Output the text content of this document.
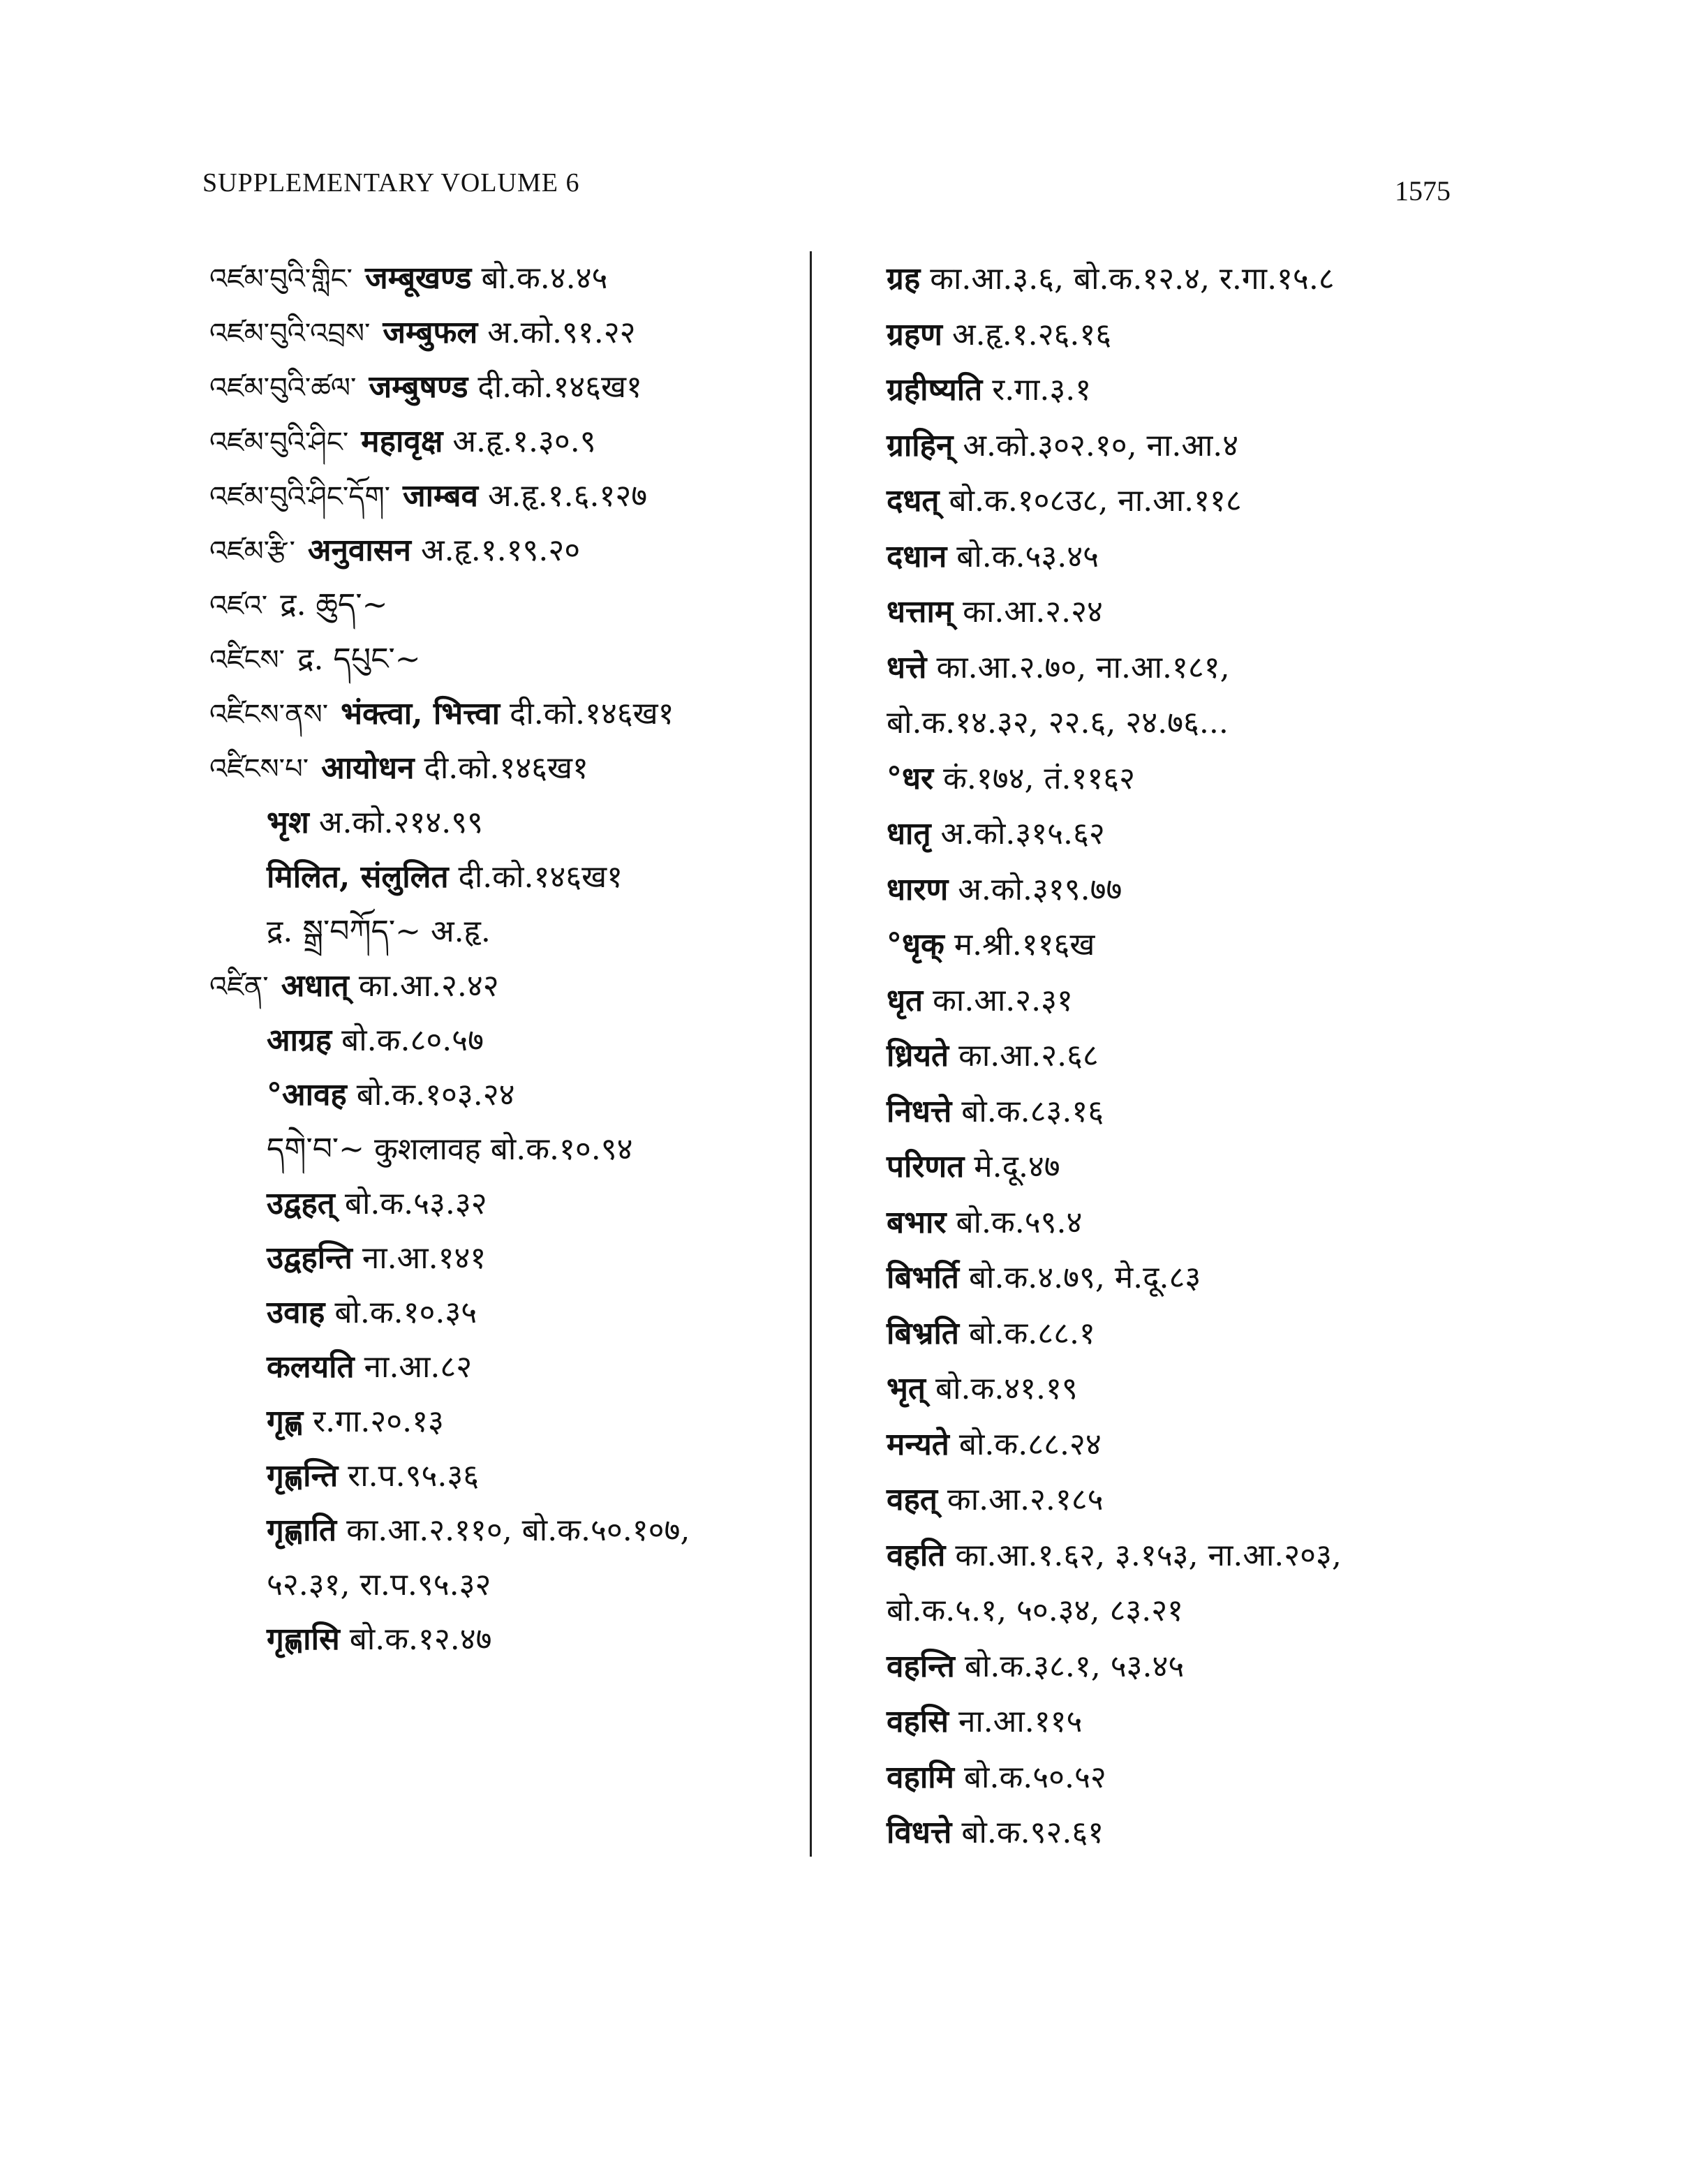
SUPPLEMENTARY VOLUME 6	1575
འཛམ་བུའི་གླིང་ जम्बूखण्ड बो.क.४.४५
འཛམ་བུའི་འབྲས་ जम्बुफल अ.को.९१.२२
འཛམ་བུའི་ཚལ་ जम्बुषण्ड दी.को.१४६ख१
འཛམ་བུའི་ཤིང་ महावृक्ष अ.हृ.१.३०.९
འཛམ་བུའི་ཤིང་དོག་ जाम्बव अ.हृ.१.६.१२७
འཛམ་རྩི་ अनुवासन अ.हृ.१.१९.२०
འཛའ་ द्र. ཆུད་~
འཛིངས་ द्र. དཔུང་~
འཛིངས་ནས་ भंक्त्वा, भित्त्वा दी.को.१४६ख१
འཛིངས་པ་ आयोधन दी.को.१४६ख१
भृश अ.को.२१४.९९
मिलित, संलुलित दी.को.१४६ख१
द्र. སྒྲ་བཀོད་~ अ.हृ.
འཛིན་ अधात् का.आ.२.४२
आग्रह बो.क.८०.५७
°आवह बो.क.१०३.२४
དགེ་བ་~ कुशलावह बो.क.१०.९४
उद्वहत् बो.क.५३.३२
उद्वहन्ति ना.आ.१४१
उवाह बो.क.१०.३५
कलयति ना.आ.८२
गृह्ण र.गा.२०.१३
गृह्णन्ति रा.प.९५.३६
गृह्णाति का.आ.२.११०, बो.क.५०.१०७,
५२.३१, रा.प.९५.३२
गृह्णासि बो.क.१२.४७
ग्रह का.आ.३.६, बो.क.१२.४, र.गा.१५.८
ग्रहण अ.हृ.१.२६.१६
ग्रहीष्यति र.गा.३.१
ग्राहिन् अ.को.३०२.१०, ना.आ.४
दधत् बो.क.१०८उ८, ना.आ.११८
दधान बो.क.५३.४५
धत्ताम् का.आ.२.२४
धत्ते का.आ.२.७०, ना.आ.१८१,
बो.क.१४.३२, २२.६, २४.७६...
°धर कं.१७४, तं.११६२
धातृ अ.को.३१५.६२
धारण अ.को.३१९.७७
°धृक् म.श्री.११६ख
धृत का.आ.२.३१
ध्रियते का.आ.२.६८
निधत्ते बो.क.८३.१६
परिणत मे.दू.४७
बभार बो.क.५९.४
बिभर्ति बो.क.४.७९, मे.दू.८३
बिभ्रति बो.क.८८.१
भृत् बो.क.४१.१९
मन्यते बो.क.८८.२४
वहत् का.आ.२.१८५
वहति का.आ.१.६२, ३.१५३, ना.आ.२०३,
बो.क.५.१, ५०.३४, ८३.२१
वहन्ति बो.क.३८.१, ५३.४५
वहसि ना.आ.११५
वहामि बो.क.५०.५२
विधत्ते बो.क.९२.६१
